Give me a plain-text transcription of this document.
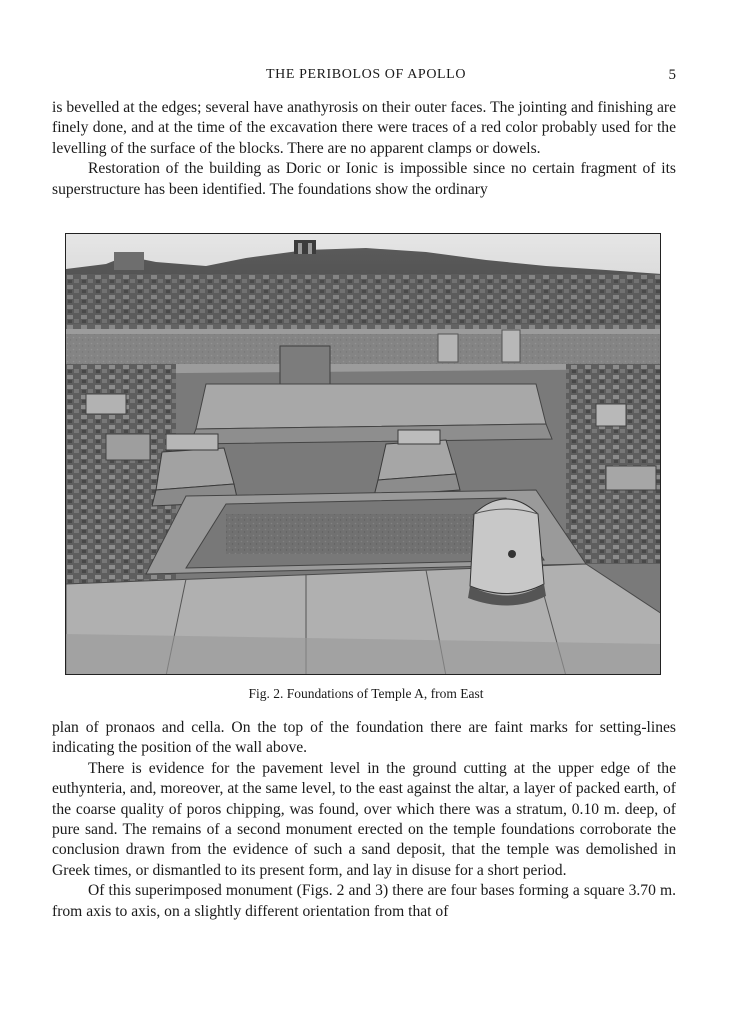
THE PERIBOLOS OF APOLLO	5

is bevelled at the edges; several have anathyrosis on their outer faces. The jointing and finishing are finely done, and at the time of the excavation there were traces of a red color probably used for the levelling of the surface of the blocks. There are no apparent clamps or dowels.

Restoration of the building as Doric or Ionic is impossible since no certain fragment of its superstructure has been identified. The foundations show the ordinary

Fig. 2. Foundations of Temple A, from East

plan of pronaos and cella. On the top of the foundation there are faint marks for setting-lines indicating the position of the wall above.

There is evidence for the pavement level in the ground cutting at the upper edge of the euthynteria, and, moreover, at the same level, to the east against the altar, a layer of packed earth, of the coarse quality of poros chipping, was found, over which there was a stratum, 0.10 m. deep, of pure sand. The remains of a second monument erected on the temple foundations corroborate the conclusion drawn from the evidence of such a sand deposit, that the temple was demolished in Greek times, or dismantled to its present form, and lay in disuse for a short period.

Of this superimposed monument (Figs. 2 and 3) there are four bases forming a square 3.70 m. from axis to axis, on a slightly different orientation from that of
